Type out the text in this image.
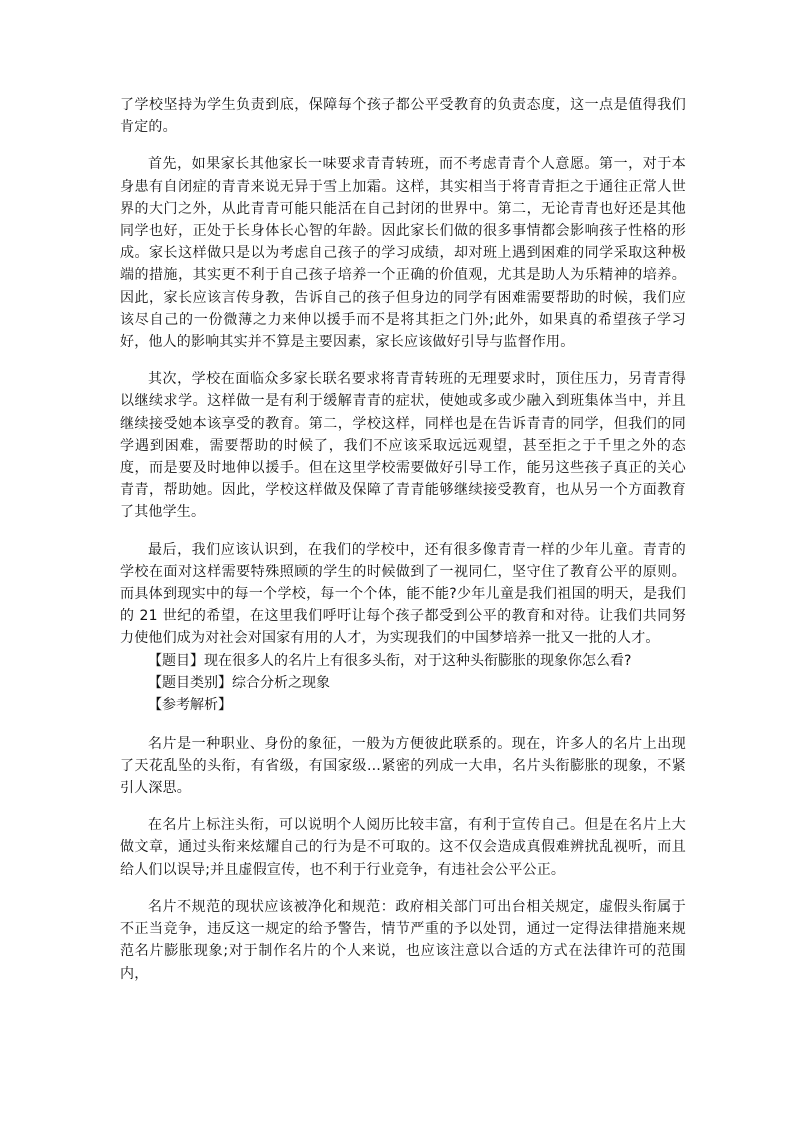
了学校坚持为学生负责到底，保障每个孩子都公平受教育的负责态度，这一点是值得我们肯定的。

首先，如果家长其他家长一味要求青青转班，而不考虑青青个人意愿。第一，对于本身患有自闭症的青青来说无异于雪上加霜。这样，其实相当于将青青拒之于通往正常人世界的大门之外，从此青青可能只能活在自己封闭的世界中。第二，无论青青也好还是其他同学也好，正处于长身体长心智的年龄。因此家长们做的很多事情都会影响孩子性格的形成。家长这样做只是以为考虑自己孩子的学习成绩，却对班上遇到困难的同学采取这种极端的措施，其实更不利于自己孩子培养一个正确的价值观，尤其是助人为乐精神的培养。因此，家长应该言传身教，告诉自己的孩子但身边的同学有困难需要帮助的时候，我们应该尽自己的一份微薄之力来伸以援手而不是将其拒之门外;此外，如果真的希望孩子学习好，他人的影响其实并不算是主要因素，家长应该做好引导与监督作用。

其次，学校在面临众多家长联名要求将青青转班的无理要求时，顶住压力，另青青得以继续求学。这样做一是有利于缓解青青的症状，使她或多或少融入到班集体当中，并且继续接受她本该享受的教育。第二，学校这样，同样也是在告诉青青的同学，但我们的同学遇到困难，需要帮助的时候了，我们不应该采取远远观望，甚至拒之于千里之外的态度，而是要及时地伸以援手。但在这里学校需要做好引导工作，能另这些孩子真正的关心青青，帮助她。因此，学校这样做及保障了青青能够继续接受教育，也从另一个方面教育了其他学生。

最后，我们应该认识到，在我们的学校中，还有很多像青青一样的少年儿童。青青的学校在面对这样需要特殊照顾的学生的时候做到了一视同仁，坚守住了教育公平的原则。而具体到现实中的每一个学校，每一个个体，能不能?少年儿童是我们祖国的明天，是我们的 21 世纪的希望，在这里我们呼吁让每个孩子都受到公平的教育和对待。让我们共同努力使他们成为对社会对国家有用的人才，为实现我们的中国梦培养一批又一批的人才。

【题目】现在很多人的名片上有很多头衔，对于这种头衔膨胀的现象你怎么看?

【题目类别】综合分析之现象

【参考解析】

名片是一种职业、身份的象征，一般为方便彼此联系的。现在，许多人的名片上出现了天花乱坠的头衔，有省级，有国家级…紧密的列成一大串，名片头衔膨胀的现象，不紧引人深思。

在名片上标注头衔，可以说明个人阅历比较丰富，有利于宣传自己。但是在名片上大做文章，通过头衔来炫耀自己的行为是不可取的。这不仅会造成真假难辨扰乱视听，而且给人们以误导;并且虚假宣传，也不利于行业竞争，有违社会公平公正。

名片不规范的现状应该被净化和规范：政府相关部门可出台相关规定，虚假头衔属于不正当竞争，违反这一规定的给予警告，情节严重的予以处罚，通过一定得法律措施来规范名片膨胀现象;对于制作名片的个人来说，也应该注意以合适的方式在法律许可的范围内，
